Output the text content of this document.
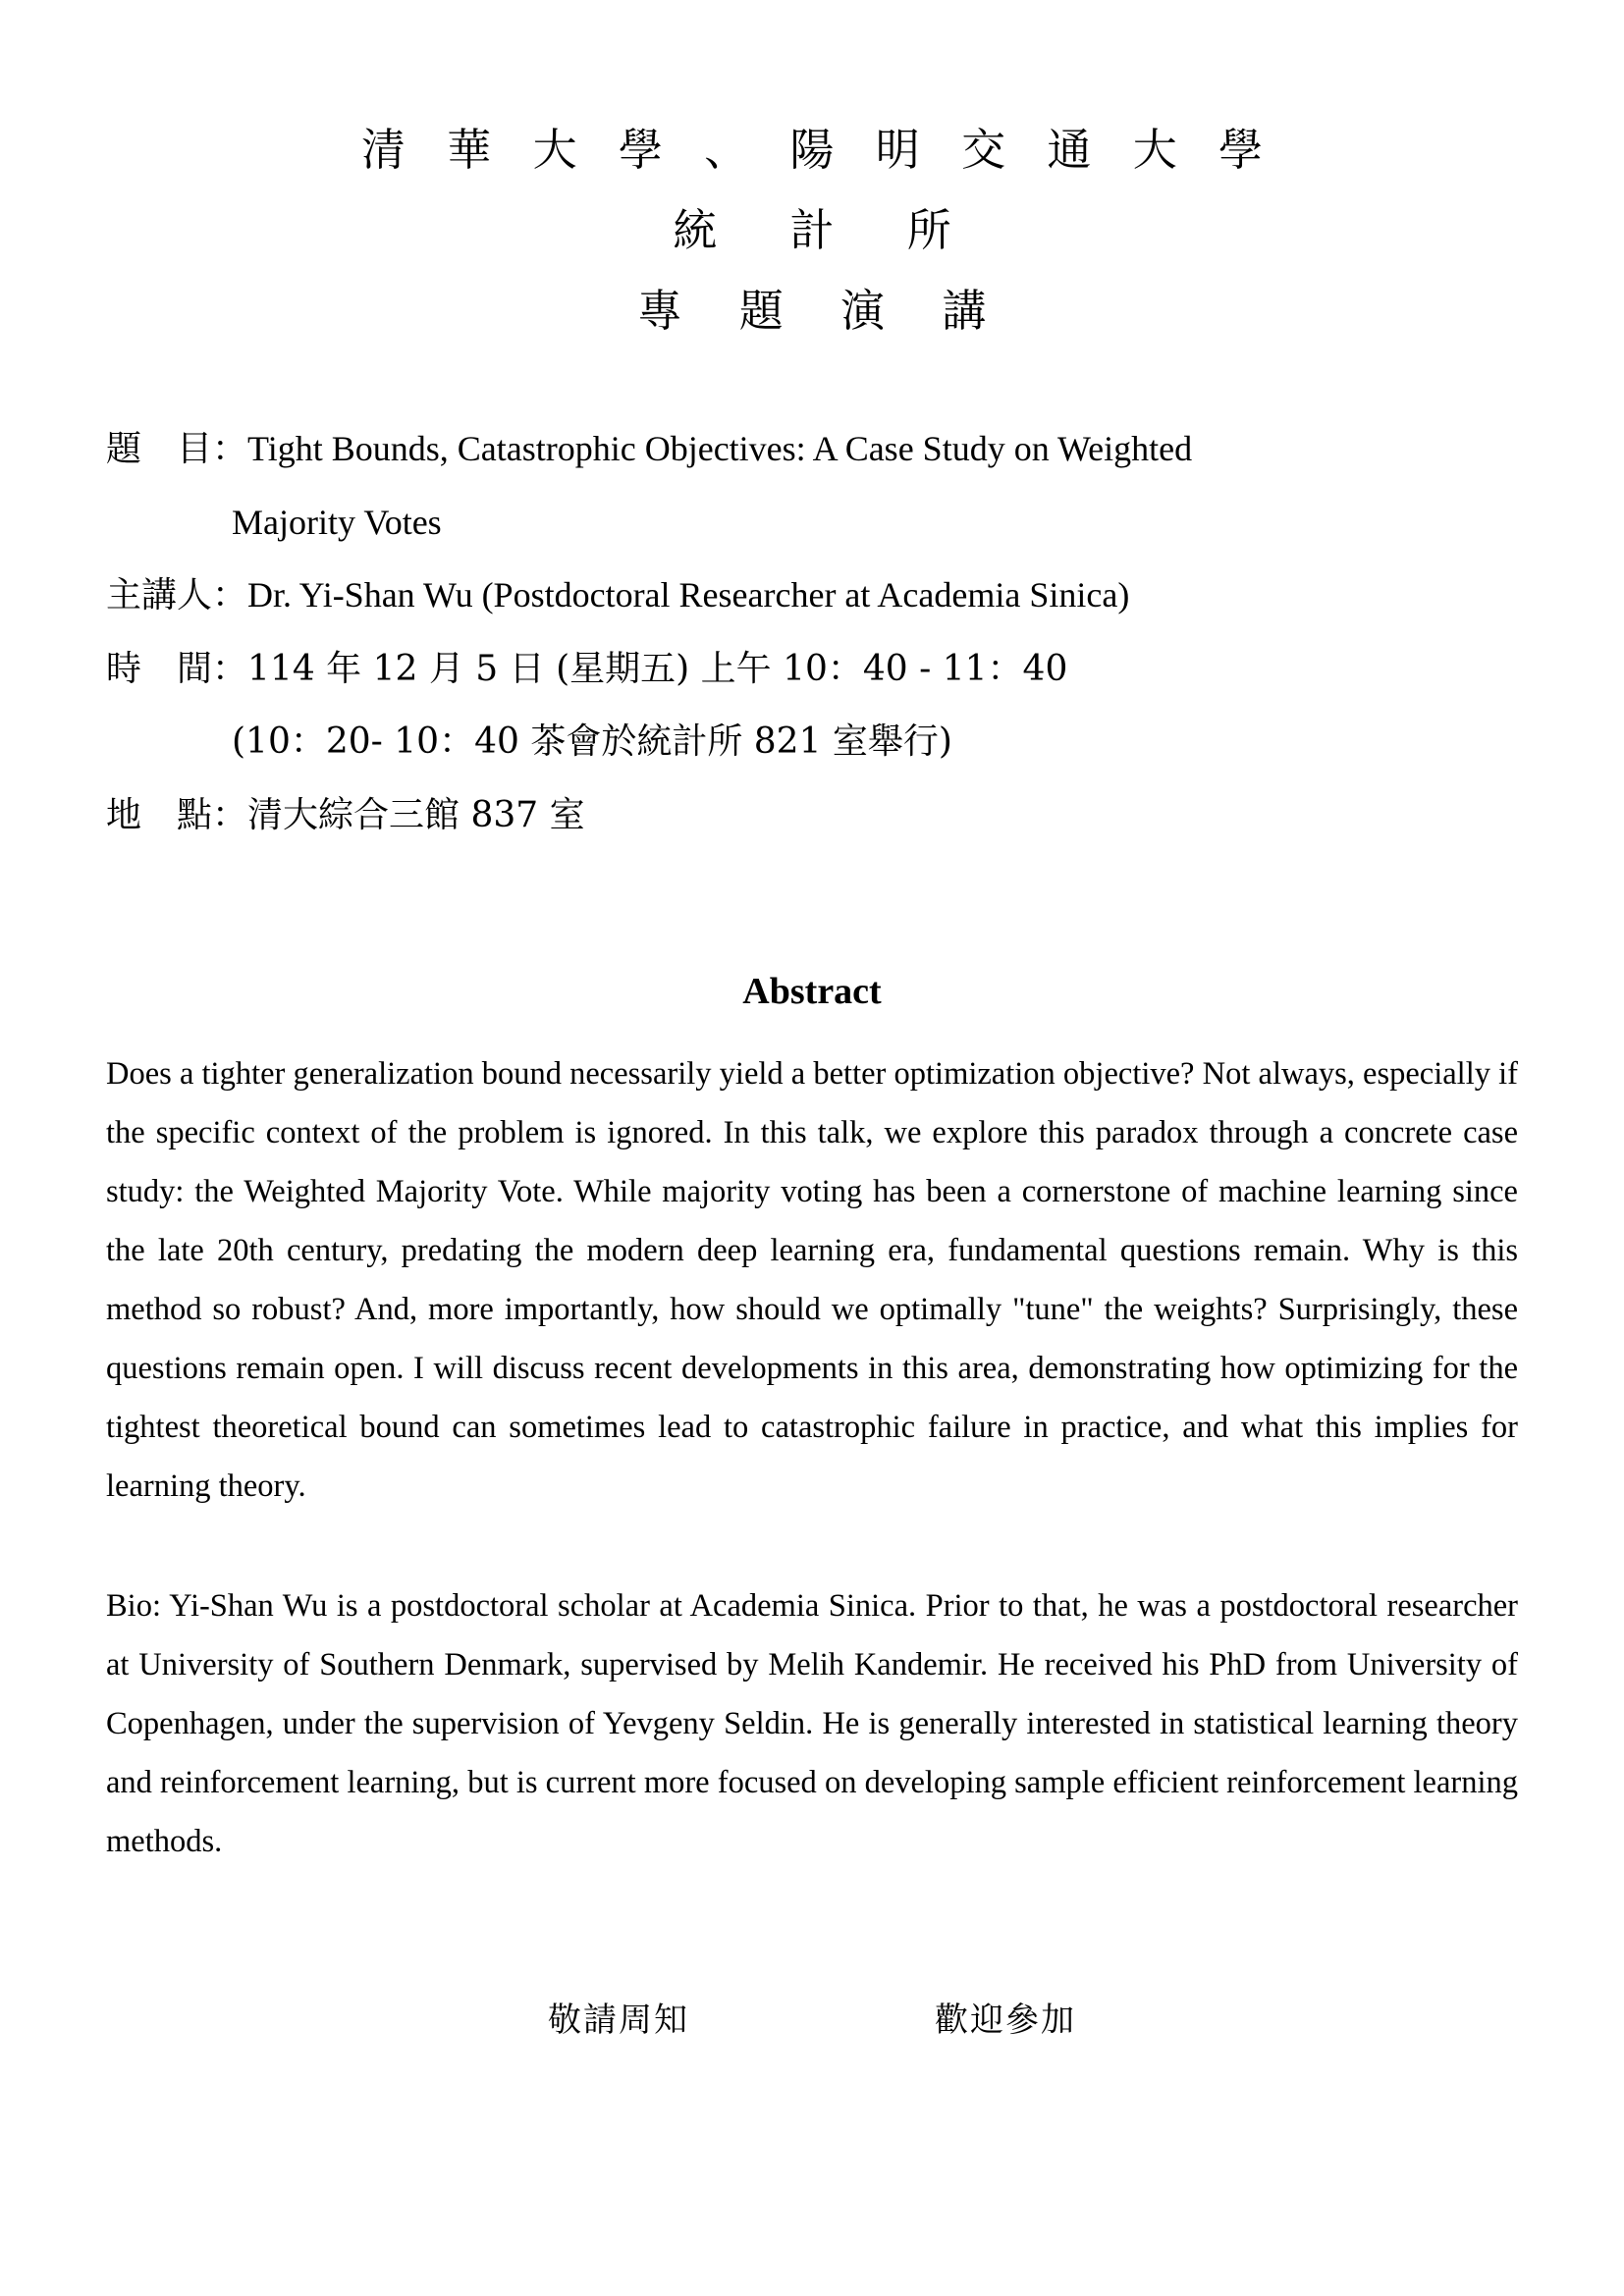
清 華 大 學 、 陽 明 交 通 大 學
統 計 所
專 題 演 講
題　目：Tight Bounds, Catastrophic Objectives: A Case Study on Weighted
Majority Votes
主講人：Dr. Yi-Shan Wu (Postdoctoral Researcher at Academia Sinica)
時　間：114 年 12 月 5 日 (星期五) 上午 10：40 - 11：40
(10：20- 10：40 茶會於統計所 821 室舉行)
地　點：清大綜合三館 837 室
Abstract

Does a tighter generalization bound necessarily yield a better optimization objective? Not always, especially if the specific context of the problem is ignored. In this talk, we explore this paradox through a concrete case study: the Weighted Majority Vote. While majority voting has been a cornerstone of machine learning since the late 20th century, predating the modern deep learning era, fundamental questions remain. Why is this method so robust? And, more importantly, how should we optimally "tune" the weights? Surprisingly, these questions remain open. I will discuss recent developments in this area, demonstrating how optimizing for the tightest theoretical bound can sometimes lead to catastrophic failure in practice, and what this implies for learning theory.

Bio: Yi-Shan Wu is a postdoctoral scholar at Academia Sinica. Prior to that, he was a postdoctoral researcher at University of Southern Denmark, supervised by Melih Kandemir. He received his PhD from University of Copenhagen, under the supervision of Yevgeny Seldin. He is generally interested in statistical learning theory and reinforcement learning, but is current more focused on developing sample efficient reinforcement learning methods.

敬請周知	歡迎參加
